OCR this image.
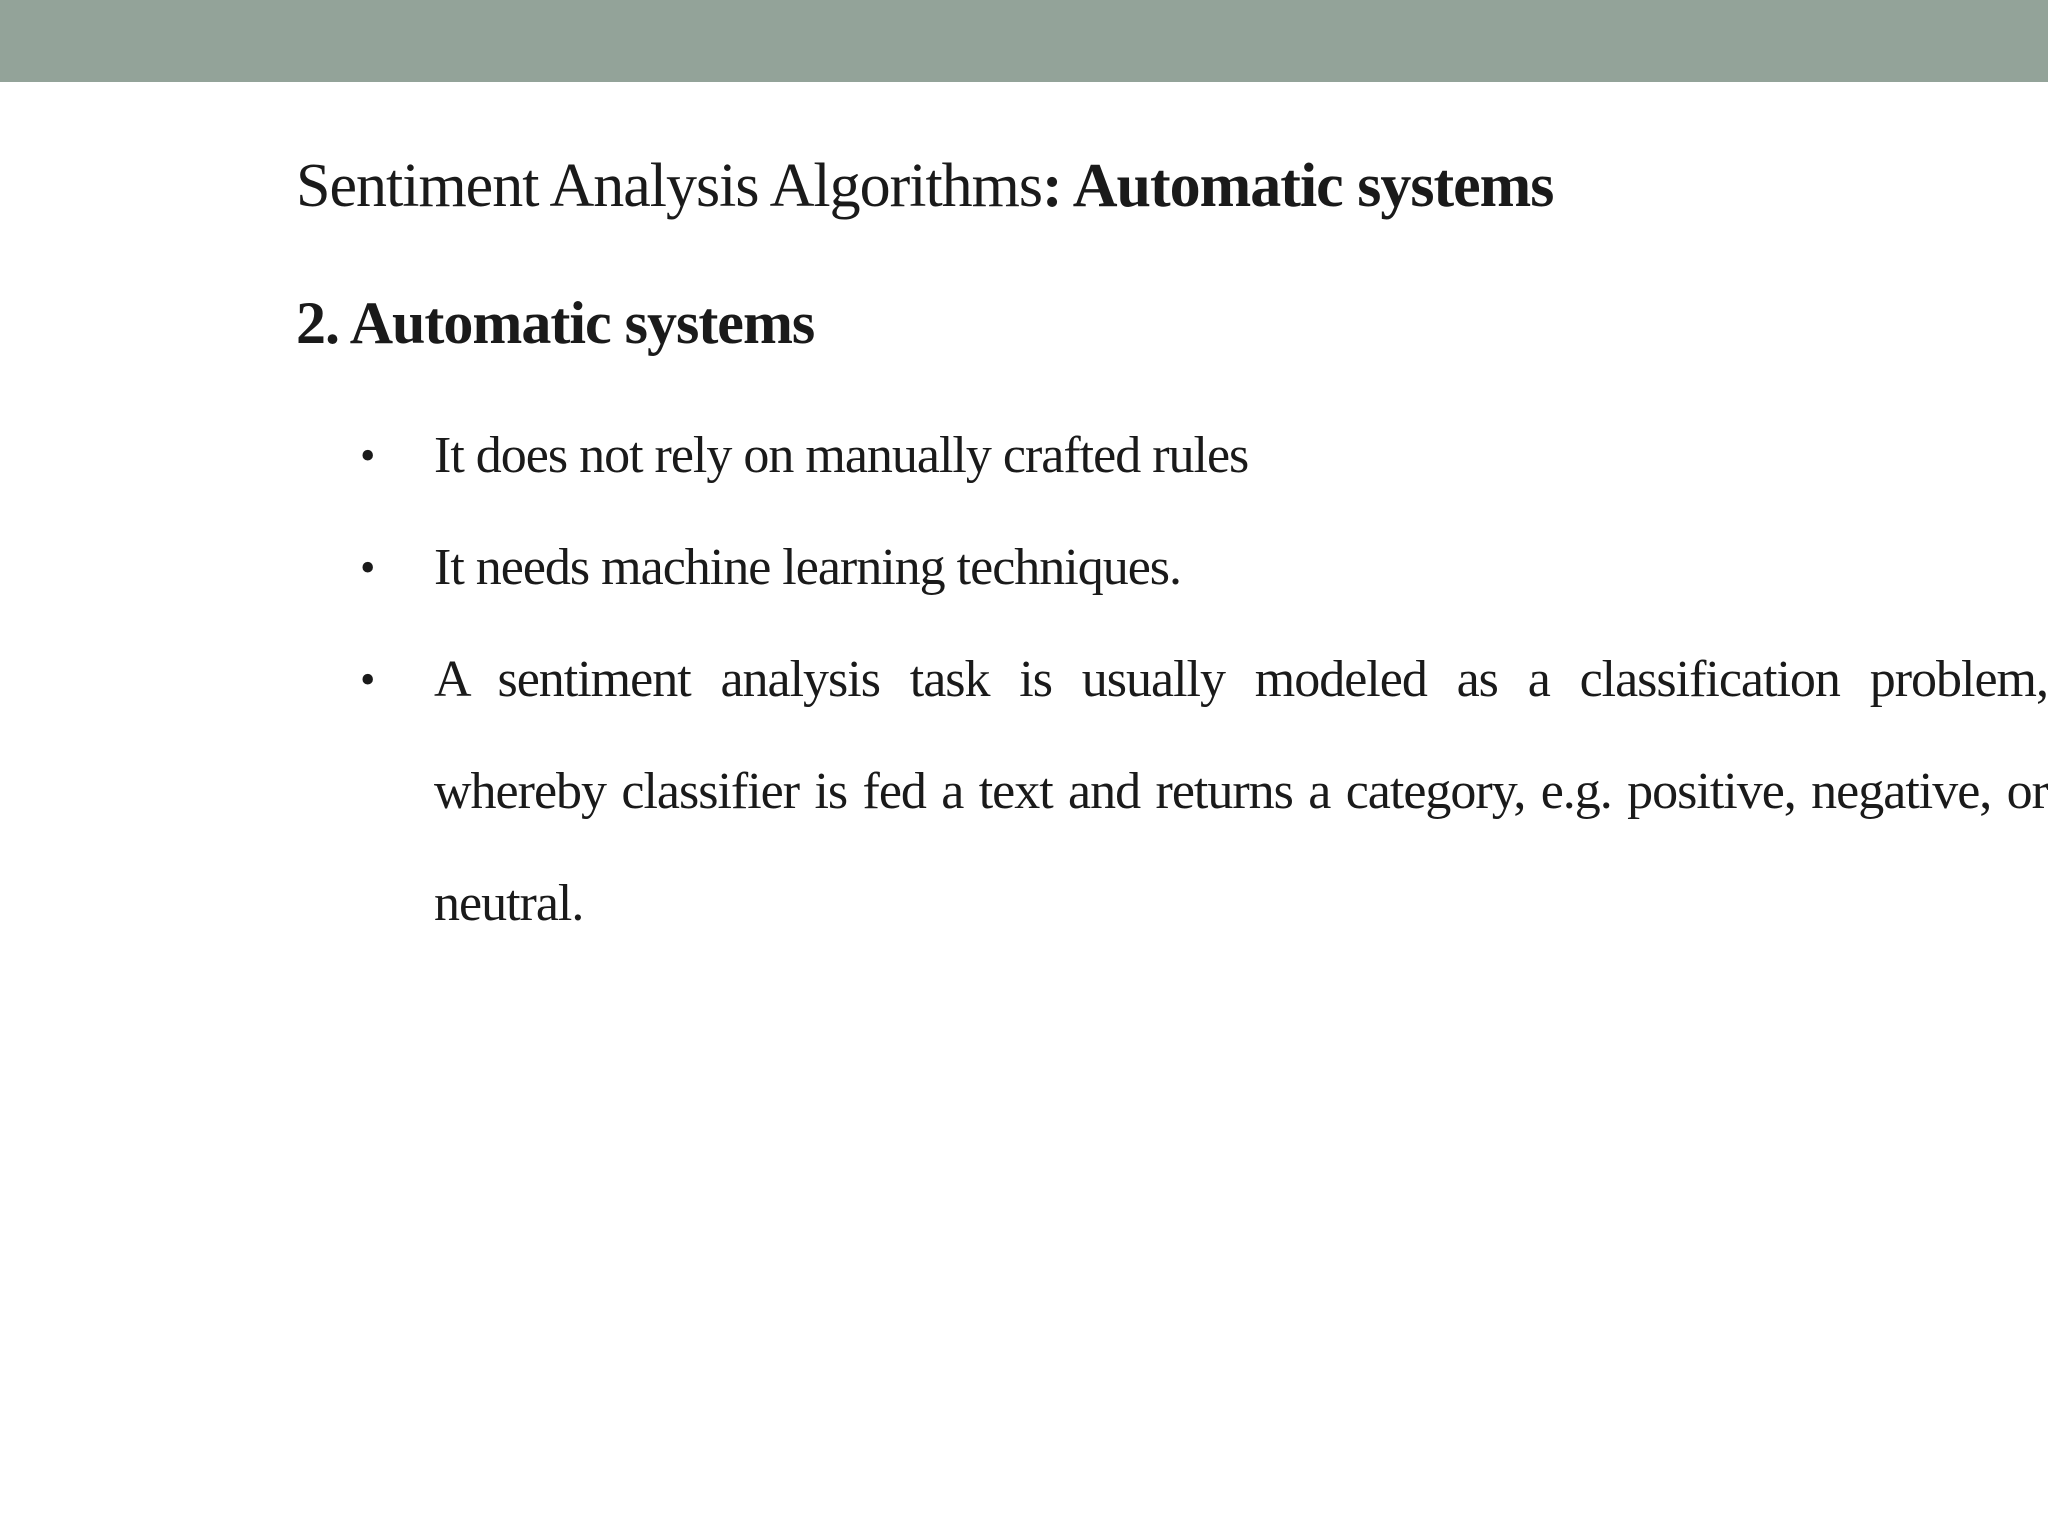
Sentiment Analysis Algorithms: Automatic systems
2. Automatic systems
• It does not rely on manually crafted rules
• It needs machine learning techniques.
• A sentiment analysis task is usually modeled as a classification problem, whereby classifier is fed a text and returns a category, e.g. positive, negative, or neutral.
